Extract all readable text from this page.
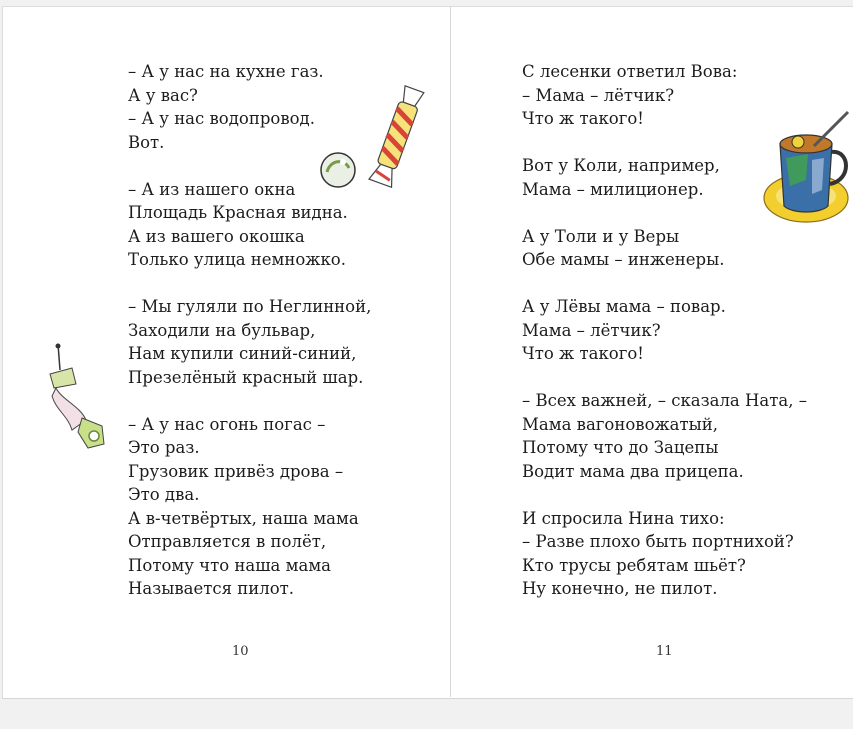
– А у нас на кухне газ.
А у вас?
– А у нас водопровод.
Вот.
– А из нашего окна
Площадь Красная видна.
А из вашего окошка
Только улица немножко.
– Мы гуляли по Неглинной,
Заходили на бульвар,
Нам купили синий-синий,
Презелёный красный шар.
– А у нас огонь погас –
Это раз.
Грузовик привёз дрова –
Это два.
А в-четвёртых, наша мама
Отправляется в полёт,
Потому что наша мама
Называется пилот.
С лесенки ответил Вова:
– Мама – лётчик?
Что ж такого!
Вот у Коли, например,
Мама – милиционер.
А у Толи и у Веры
Обе мамы – инженеры.
А у Лёвы мама – повар.
Мама – лётчик?
Что ж такого!
– Всех важней, – сказала Ната, –
Мама вагоновожатый,
Потому что до Зацепы
Водит мама два прицепа.
И спросила Нина тихо:
– Разве плохо быть портнихой?
Кто трусы ребятам шьёт?
Ну конечно, не пилот.
10	11
